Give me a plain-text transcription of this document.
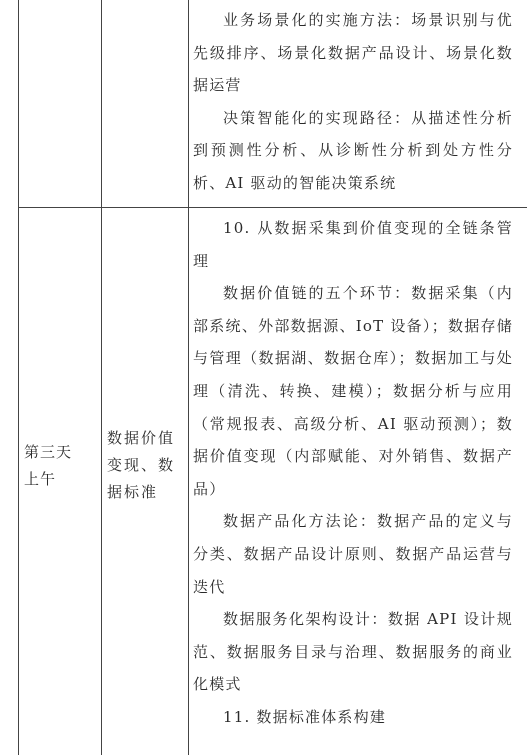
业务场景化的实施方法：场景识别与优先级排序、场景化数据产品设计、场景化数据运营

决策智能化的实现路径：从描述性分析到预测性分析、从诊断性分析到处方性分析、AI 驱动的智能决策系统

第三天上午
数据价值变现、数据标准

10. 从数据采集到价值变现的全链条管理

数据价值链的五个环节：数据采集（内部系统、外部数据源、IoT 设备）；数据存储与管理（数据湖、数据仓库）；数据加工与处理（清洗、转换、建模）；数据分析与应用（常规报表、高级分析、AI 驱动预测）；数据价值变现（内部赋能、对外销售、数据产品）

数据产品化方法论：数据产品的定义与分类、数据产品设计原则、数据产品运营与迭代

数据服务化架构设计：数据 API 设计规范、数据服务目录与治理、数据服务的商业化模式

11. 数据标准体系构建
